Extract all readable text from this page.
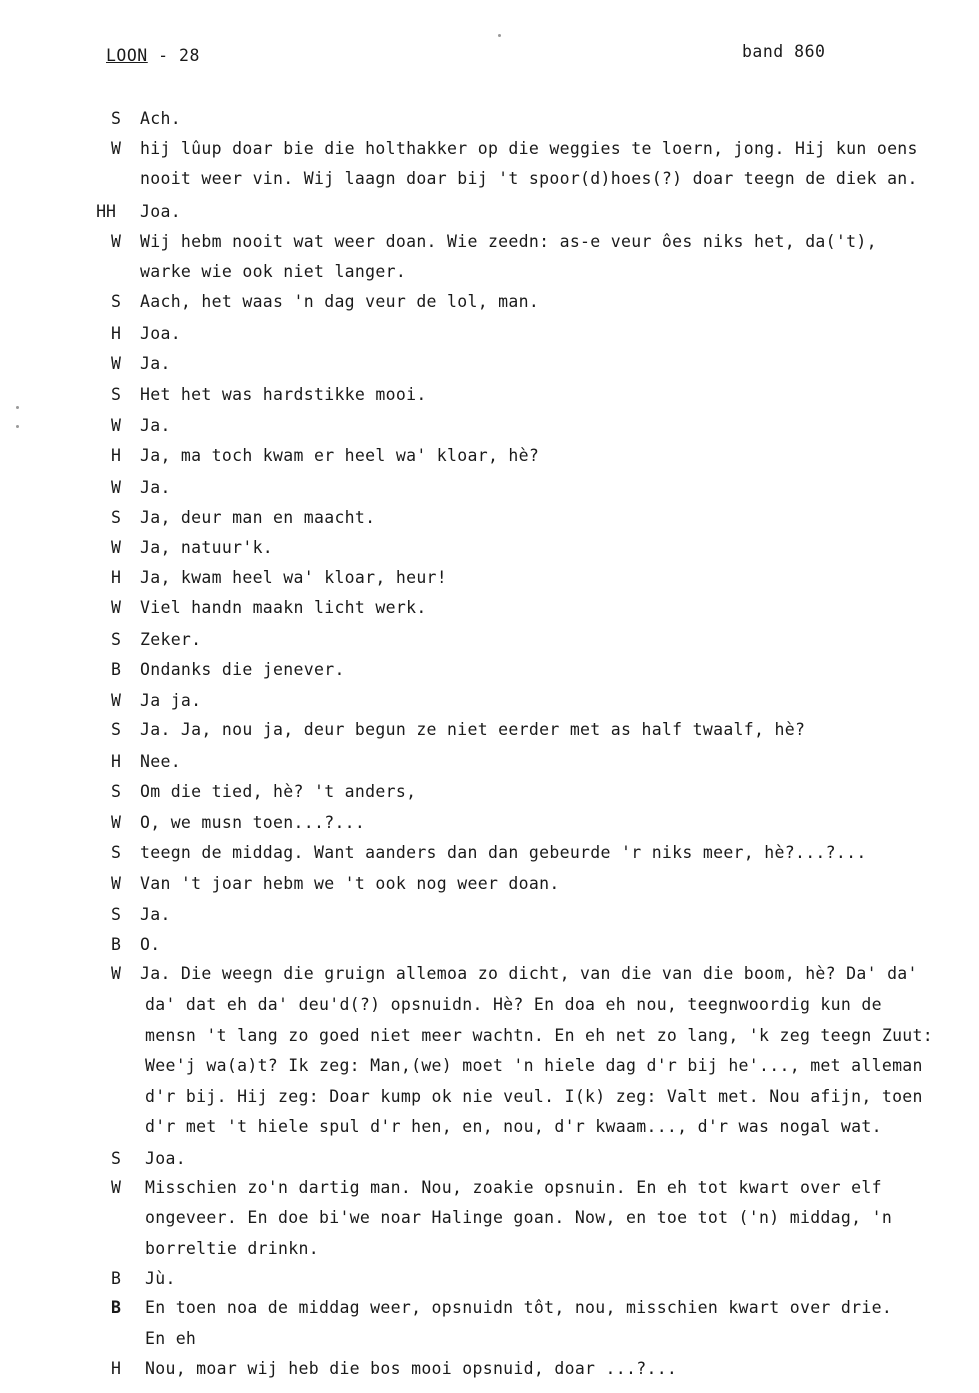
LOON - 28	band 860
S	Ach.
W	hij lûup doar bie die holthakker op die weggies te loern, jong. Hij kun oens
nooit weer vin. Wij laagn doar bij 't spoor(d)hoes(?) doar teegn de diek an.
HH	Joa.
W	Wij hebm nooit wat weer doan. Wie zeedn: as-e veur ôes niks het, da('t),
warke wie ook niet langer.
S	Aach, het waas 'n dag veur de lol, man.
H	Joa.
W	Ja.
S	Het het was hardstikke mooi.
W	Ja.
H	Ja, ma toch kwam er heel wa' kloar, hè?
W	Ja.
S	Ja, deur man en maacht.
W	Ja, natuur'k.
H	Ja, kwam heel wa' kloar, heur!
W	Viel handn maakn licht werk.
S	Zeker.
B	Ondanks die jenever.
W	Ja ja.
S	Ja. Ja, nou ja, deur begun ze niet eerder met as half twaalf, hè?
H	Nee.
S	Om die tied, hè? 't anders,
W	O, we musn toen...?...
S	teegn de middag. Want aanders dan dan gebeurde 'r niks meer, hè?...?...
W	Van 't joar hebm we 't ook nog weer doan.
S	Ja.
B	O.
W	Ja. Die weegn die gruign allemoa zo dicht, van die van die boom, hè? Da' da'
da' dat eh da' deu'd(?) opsnuidn. Hè? En doa eh nou, teegnwoordig kun de
mensn 't lang zo goed niet meer wachtn. En eh net zo lang, 'k zeg teegn Zuut:
Wee'j wa(a)t? Ik zeg: Man,(we) moet 'n hiele dag d'r bij he'..., met alleman
d'r bij. Hij zeg: Doar kump ok nie veul. I(k) zeg: Valt met. Nou afijn, toen
d'r met 't hiele spul d'r hen, en, nou, d'r kwaam..., d'r was nogal wat.
S	Joa.
W	Misschien zo'n dartig man. Nou, zoakie opsnuin. En eh tot kwart over elf
ongeveer. En doe bi'we noar Halinge goan. Now, en toe tot ('n) middag, 'n
borreltie drinkn.
B	Jù.
B	En toen noa de middag weer, opsnuidn tôt, nou, misschien kwart over drie.
En eh
H	Nou, moar wij heb die bos mooi opsnuid, doar ...?...
